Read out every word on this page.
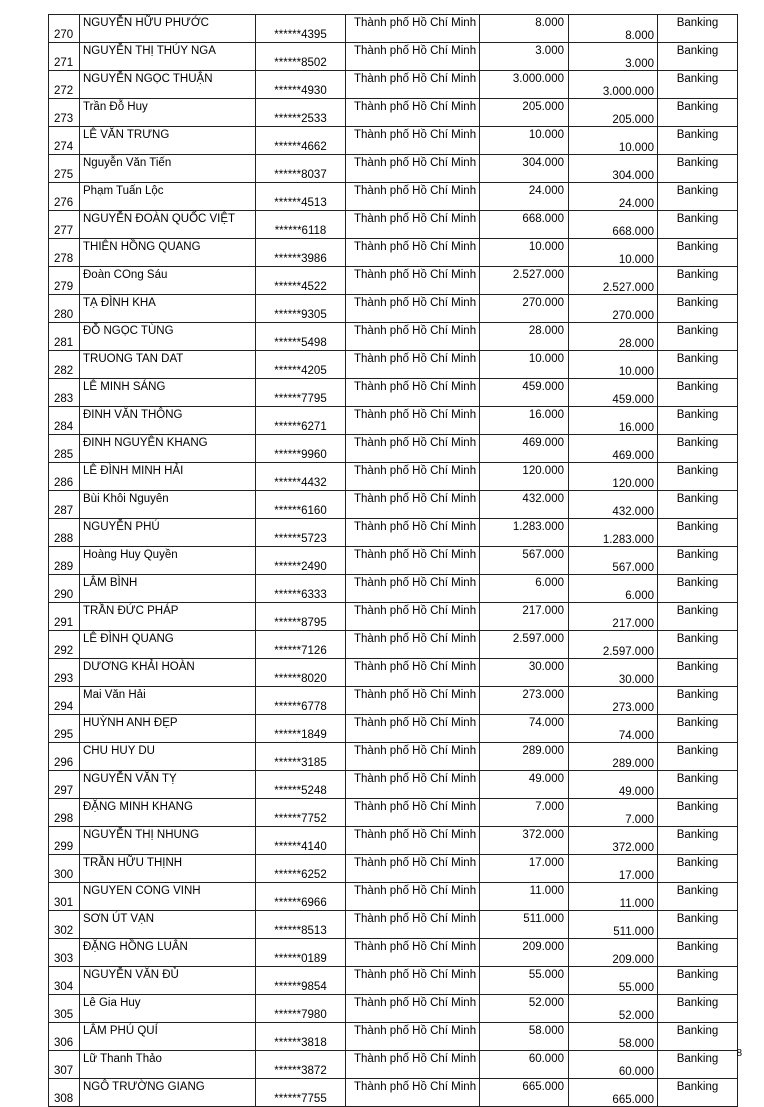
270	NGUYỄN HỮU PHƯỚC	******4395	Thành phố Hồ Chí Minh	8.000	8.000	Banking
271	NGUYỄN THỊ THÚY NGA	******8502	Thành phố Hồ Chí Minh	3.000	3.000	Banking
272	NGUYỄN NGỌC THUẬN	******4930	Thành phố Hồ Chí Minh	3.000.000	3.000.000	Banking
273	Trần Đỗ Huy	******2533	Thành phố Hồ Chí Minh	205.000	205.000	Banking
274	LÊ VĂN TRƯNG	******4662	Thành phố Hồ Chí Minh	10.000	10.000	Banking
275	Nguyễn Văn Tiến	******8037	Thành phố Hồ Chí Minh	304.000	304.000	Banking
276	Phạm Tuấn Lộc	******4513	Thành phố Hồ Chí Minh	24.000	24.000	Banking
277	NGUYỄN ĐOÀN QUỐC VIỆT	******6118	Thành phố Hồ Chí Minh	668.000	668.000	Banking
278	THIÊN HỒNG QUANG	******3986	Thành phố Hồ Chí Minh	10.000	10.000	Banking
279	Đoàn COng Sáu	******4522	Thành phố Hồ Chí Minh	2.527.000	2.527.000	Banking
280	TẠ ĐÌNH KHA	******9305	Thành phố Hồ Chí Minh	270.000	270.000	Banking
281	ĐỖ NGỌC TÙNG	******5498	Thành phố Hồ Chí Minh	28.000	28.000	Banking
282	TRUONG TAN DAT	******4205	Thành phố Hồ Chí Minh	10.000	10.000	Banking
283	LÊ MINH SÁNG	******7795	Thành phố Hồ Chí Minh	459.000	459.000	Banking
284	ĐINH VĂN THÔNG	******6271	Thành phố Hồ Chí Minh	16.000	16.000	Banking
285	ĐINH NGUYÊN KHANG	******9960	Thành phố Hồ Chí Minh	469.000	469.000	Banking
286	LÊ ĐÌNH MINH HẢI	******4432	Thành phố Hồ Chí Minh	120.000	120.000	Banking
287	Bùi Khôi Nguyên	******6160	Thành phố Hồ Chí Minh	432.000	432.000	Banking
288	NGUYỄN PHÚ	******5723	Thành phố Hồ Chí Minh	1.283.000	1.283.000	Banking
289	Hoàng Huy Quyền	******2490	Thành phố Hồ Chí Minh	567.000	567.000	Banking
290	LÂM BÌNH	******6333	Thành phố Hồ Chí Minh	6.000	6.000	Banking
291	TRẦN ĐỨC PHÁP	******8795	Thành phố Hồ Chí Minh	217.000	217.000	Banking
292	LÊ ĐÌNH QUANG	******7126	Thành phố Hồ Chí Minh	2.597.000	2.597.000	Banking
293	DƯƠNG KHẢI HOÀN	******8020	Thành phố Hồ Chí Minh	30.000	30.000	Banking
294	Mai Văn Hải	******6778	Thành phố Hồ Chí Minh	273.000	273.000	Banking
295	HUỲNH ANH ĐẸP	******1849	Thành phố Hồ Chí Minh	74.000	74.000	Banking
296	CHU HUY DU	******3185	Thành phố Hồ Chí Minh	289.000	289.000	Banking
297	NGUYỄN VĂN TỴ	******5248	Thành phố Hồ Chí Minh	49.000	49.000	Banking
298	ĐẶNG MINH KHANG	******7752	Thành phố Hồ Chí Minh	7.000	7.000	Banking
299	NGUYỄN THỊ NHUNG	******4140	Thành phố Hồ Chí Minh	372.000	372.000	Banking
300	TRẦN HỮU THỊNH	******6252	Thành phố Hồ Chí Minh	17.000	17.000	Banking
301	NGUYEN CONG VINH	******6966	Thành phố Hồ Chí Minh	11.000	11.000	Banking
302	SƠN ÚT VẠN	******8513	Thành phố Hồ Chí Minh	511.000	511.000	Banking
303	ĐẶNG HỒNG LUÂN	******0189	Thành phố Hồ Chí Minh	209.000	209.000	Banking
304	NGUYỄN VĂN ĐỦ	******9854	Thành phố Hồ Chí Minh	55.000	55.000	Banking
305	Lê Gia Huy	******7980	Thành phố Hồ Chí Minh	52.000	52.000	Banking
306	LÂM PHÚ QUÍ	******3818	Thành phố Hồ Chí Minh	58.000	58.000	Banking
307	Lữ Thanh Thảo	******3872	Thành phố Hồ Chí Minh	60.000	60.000	Banking
308	NGÔ TRƯỜNG GIANG	******7755	Thành phố Hồ Chí Minh	665.000	665.000	Banking
8
